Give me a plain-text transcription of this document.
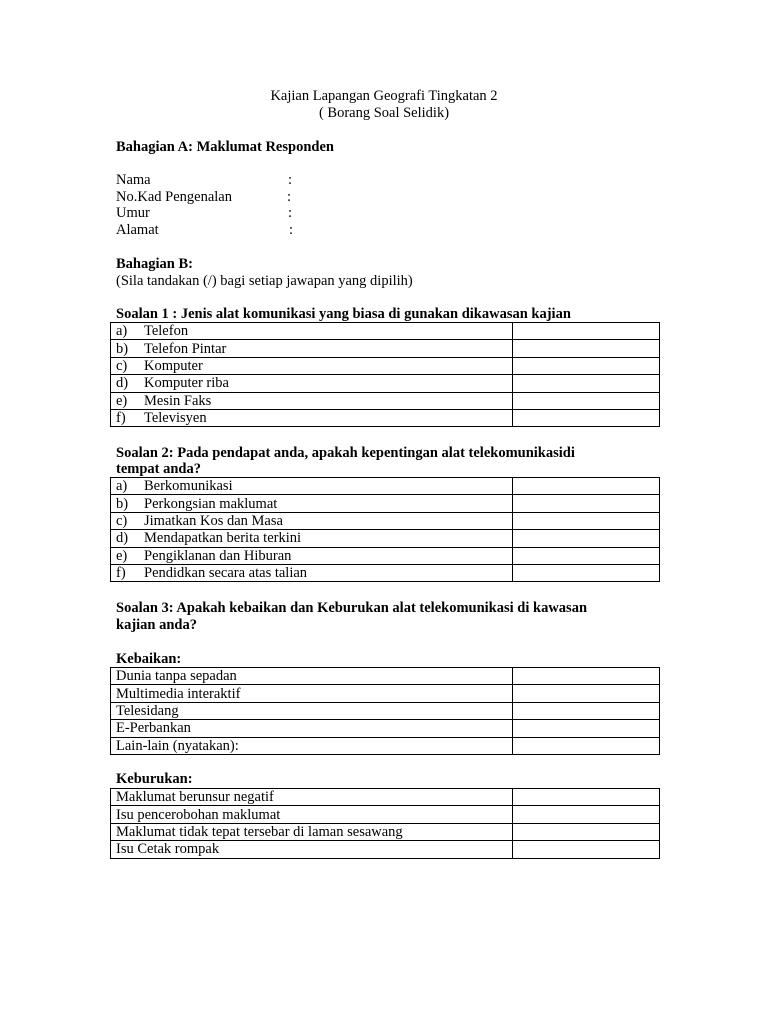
Kajian Lapangan Geografi Tingkatan 2
( Borang Soal Selidik)
Bahagian A: Maklumat Responden
Nama	:
No.Kad Pengenalan	:
Umur	:
Alamat	:
Bahagian B:
(Sila tandakan (/) bagi setiap jawapan yang dipilih)
Soalan 1 : Jenis alat komunikasi yang biasa di gunakan dikawasan kajian
a) Telefon	
b) Telefon Pintar	
c) Komputer	
d) Komputer riba	
e) Mesin Faks	
f) Televisyen	
Soalan 2: Pada pendapat anda, apakah kepentingan alat telekomunikasidi
tempat anda?
a) Berkomunikasi	
b) Perkongsian maklumat	
c) Jimatkan Kos dan Masa	
d) Mendapatkan berita terkini	
e) Pengiklanan dan Hiburan	
f) Pendidkan secara atas talian	
Soalan 3: Apakah kebaikan dan Keburukan alat telekomunikasi di kawasan
kajian anda?
Kebaikan:
Dunia tanpa sepadan	
Multimedia interaktif	
Telesidang	
E-Perbankan	
Lain-lain (nyatakan):	
Keburukan:
Maklumat berunsur negatif	
Isu pencerobohan maklumat	
Maklumat tidak tepat tersebar di laman sesawang	
Isu Cetak rompak	
